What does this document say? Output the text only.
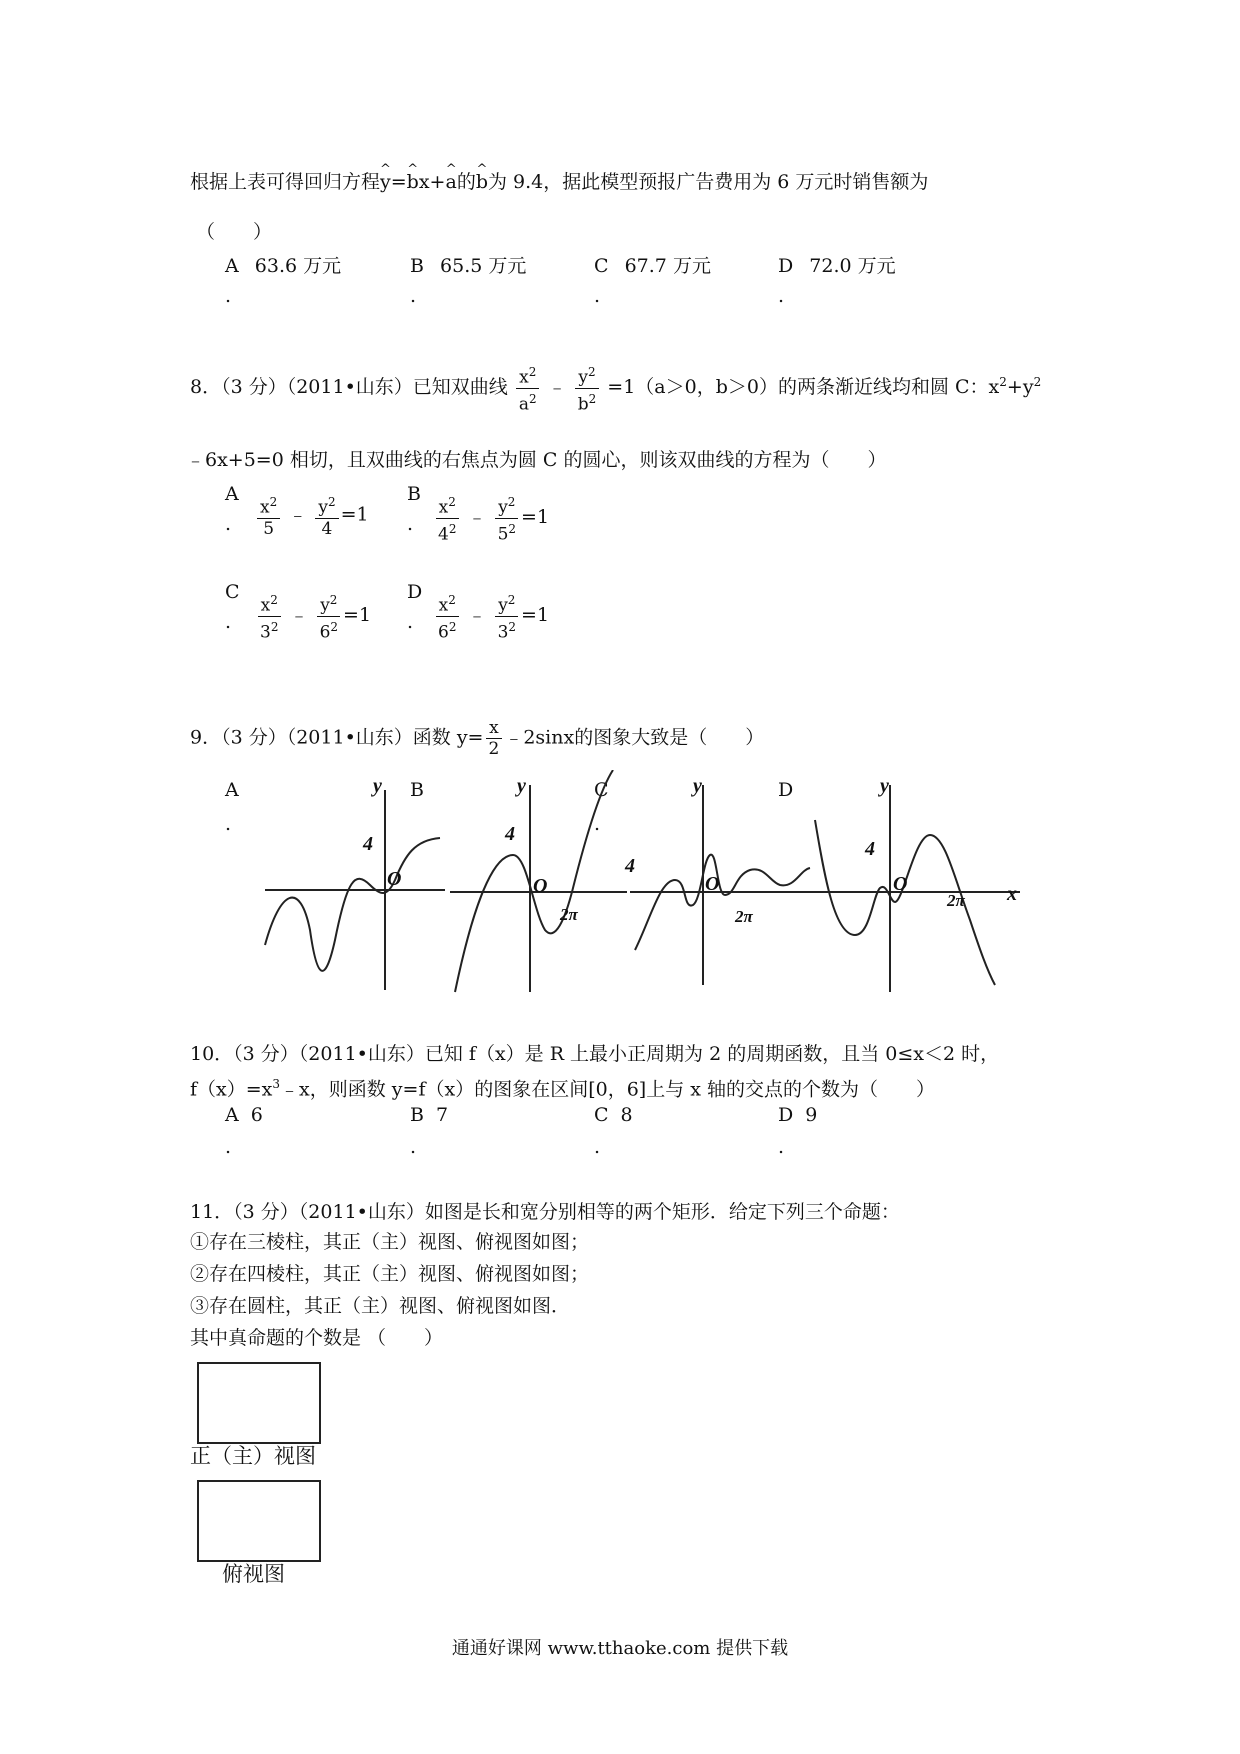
根据上表可得回归方程^ y=^ bx+^ a的^ b为 9.4，据此模型预报广告费用为 6 万元时销售额为
（　　）
A 63.6 万元
.
B 65.5 万元
.
C 67.7 万元
.
D 72.0 万元
.
8．（3 分）（2011•山东）已知双曲线 $\frac{x^2}{a^2}$ ﹣ $\frac{y^2}{b^2} =1(a>0$，b＞0）的两条渐近线均和圆 C：$x^2+y^2$
﹣6x+5=0 相切，且双曲线的右焦点为圆 C 的圆心，则该双曲线的方程为（　　）
A
.	$\frac{x^2}{5}$ ﹣ $\frac{y^2}{4} =1$
B
.	$\frac{x^2}{4^2}$ ﹣ $\frac{y^2}{5^2} =1$
C
.	$\frac{x^2}{3^2}$ ﹣ $\frac{y^2}{6^2} =1$
D
.	$\frac{x^2}{6^2}$ ﹣ $\frac{y^2}{3^2} =1$
9．（3 分）（2011•山东）函数 $y= \frac{x}{2}$ ﹣2sinx的图象大致是（　　）
A
.
B	C
.
D
y
4
O
y
4
O
2π
y
4
O
2π
y
4
O
2π x
10．（3 分）（2011•山东）已知 f（x）是 R 上最小正周期为 2 的周期函数，且当 0≤x＜2 时，
$f(x)=x^3﹣x$，则函数 y=f（x）的图象在区间[0，6]上与 x 轴的交点的个数为（　　）
A 6
.
B 7
.
C 8
.
D 9
.
11．（3 分）（2011•山东）如图是长和宽分别相等的两个矩形．给定下列三个命题：
①存在三棱柱，其正（主）视图、俯视图如图；
②存在四棱柱，其正（主）视图、俯视图如图；
③存在圆柱，其正（主）视图、俯视图如图．
其中真命题的个数是 （　　）
正（主）视图
俯视图
通通好课网 www.tthaoke.com 提供下载
